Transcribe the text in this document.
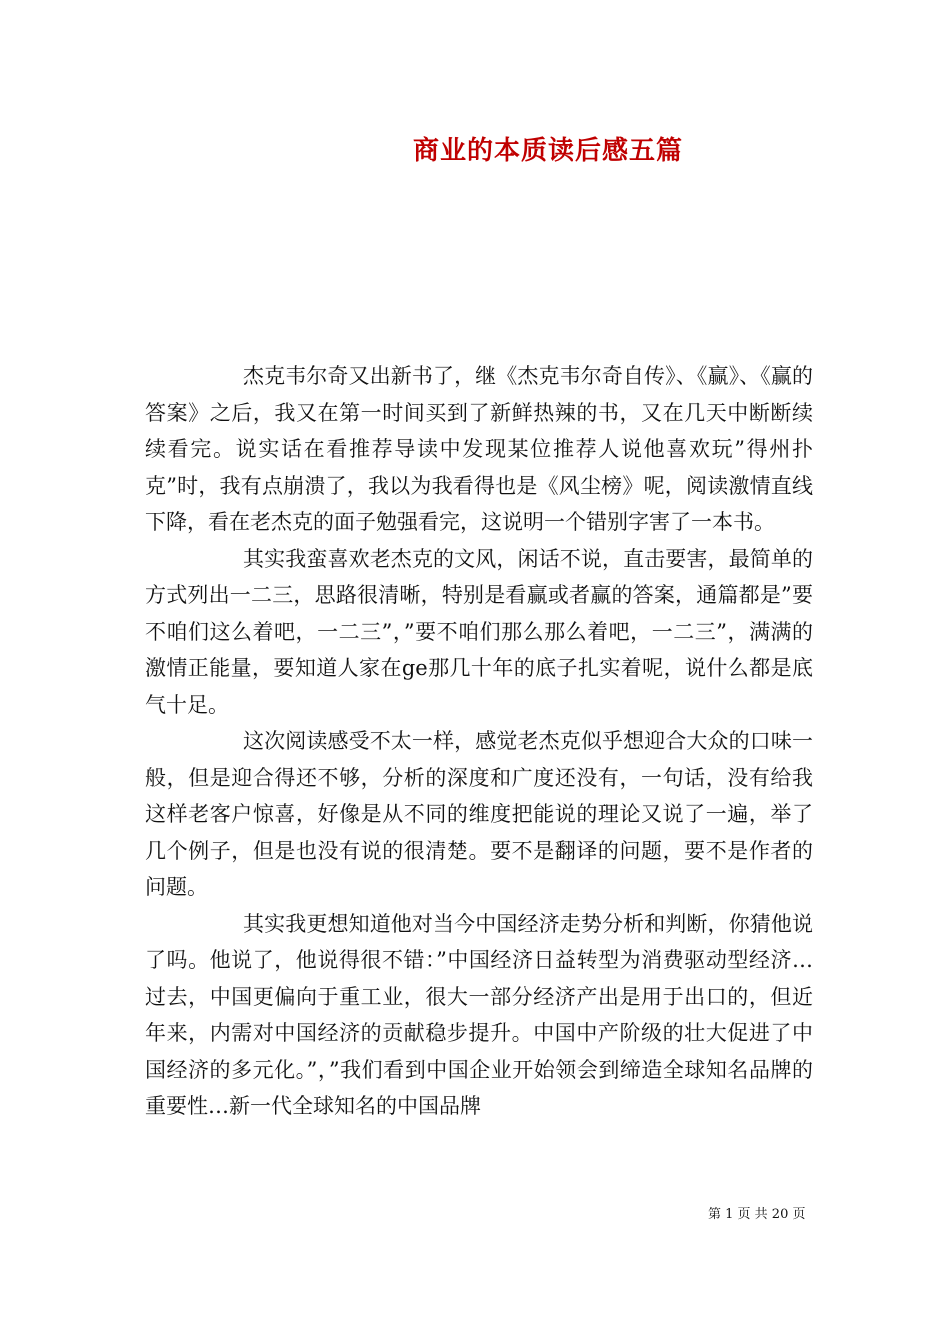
商业的本质读后感五篇

杰克韦尔奇又出新书了，继《杰克韦尔奇自传》、《赢》、《赢的答案》之后，我又在第一时间买到了新鲜热辣的书，又在几天中断断续续看完。说实话在看推荐导读中发现某位推荐人说他喜欢玩”得州扑克”时，我有点崩溃了，我以为我看得也是《风尘榜》呢，阅读激情直线下降，看在老杰克的面子勉强看完，这说明一个错别字害了一本书。

其实我蛮喜欢老杰克的文风，闲话不说，直击要害，最简单的方式列出一二三，思路很清晰，特别是看赢或者赢的答案，通篇都是”要不咱们这么着吧，一二三”，”要不咱们那么那么着吧，一二三”，满满的激情正能量，要知道人家在ge那几十年的底子扎实着呢，说什么都是底气十足。

这次阅读感受不太一样，感觉老杰克似乎想迎合大众的口味一般，但是迎合得还不够，分析的深度和广度还没有，一句话，没有给我这样老客户惊喜，好像是从不同的维度把能说的理论又说了一遍，举了几个例子，但是也没有说的很清楚。要不是翻译的问题，要不是作者的问题。

其实我更想知道他对当今中国经济走势分析和判断，你猜他说了吗。他说了，他说得很不错：”中国经济日益转型为消费驱动型经济…过去，中国更偏向于重工业，很大一部分经济产出是用于出口的，但近年来，内需对中国经济的贡献稳步提升。中国中产阶级的壮大促进了中国经济的多元化。”，”我们看到中国企业开始领会到缔造全球知名品牌的重要性…新一代全球知名的中国品牌

第 1 页 共 20 页
